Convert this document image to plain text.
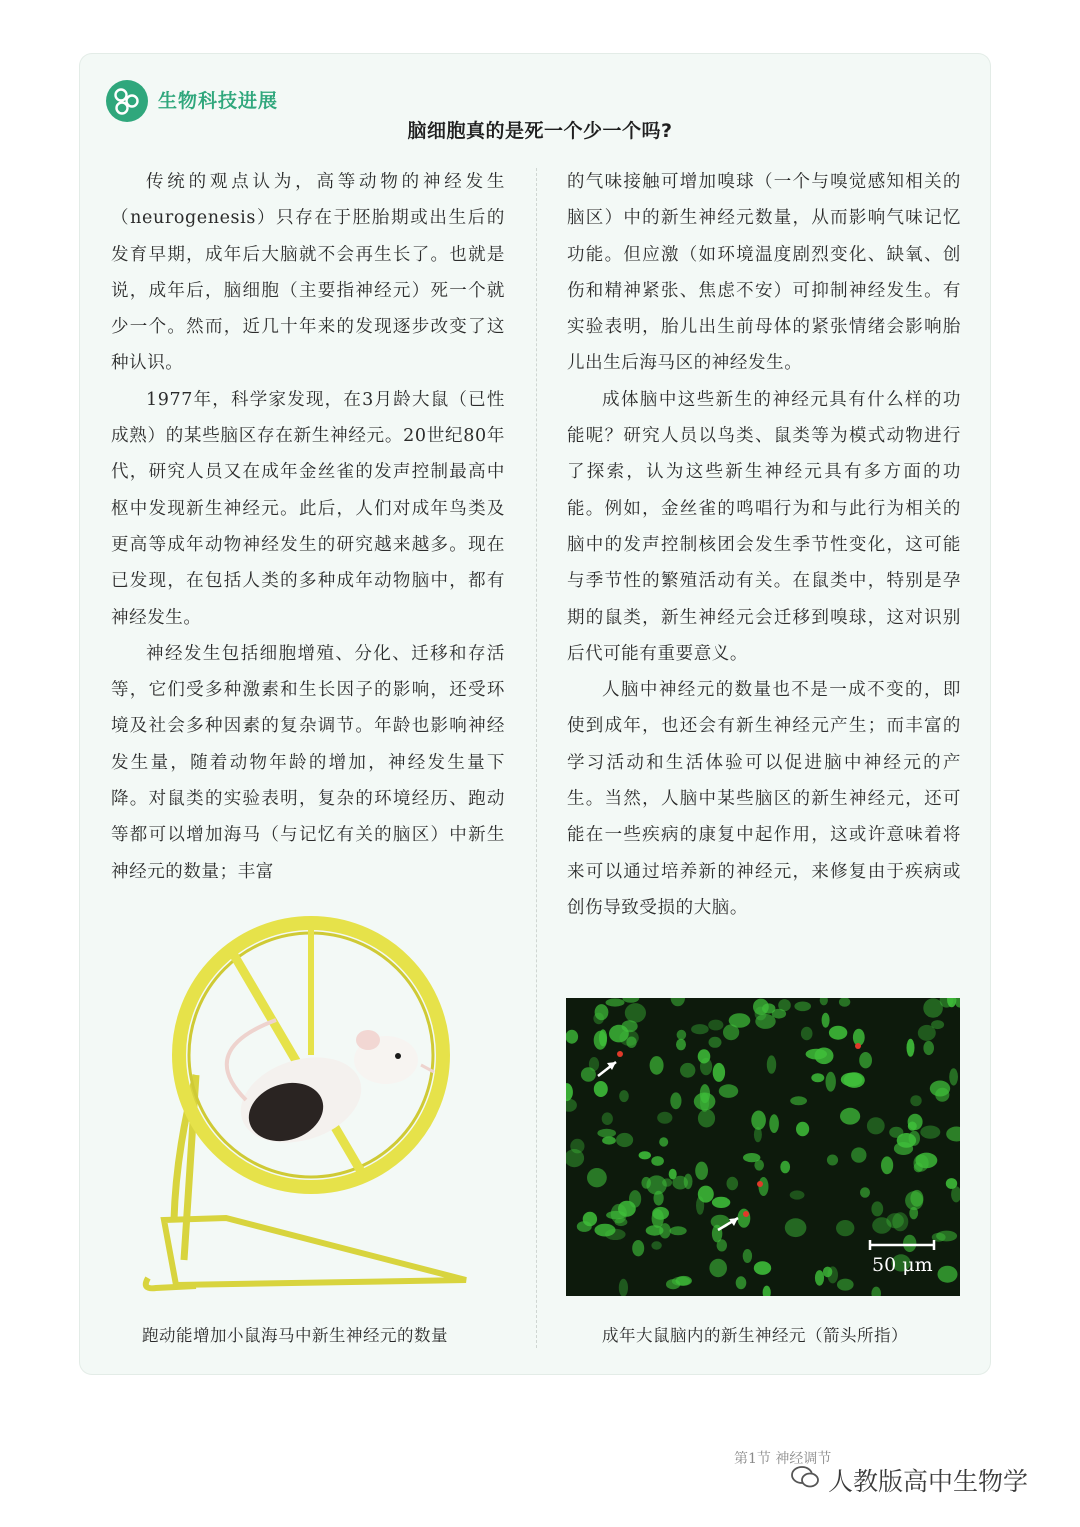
生物科技进展
脑细胞真的是死一个少一个吗?

传统的观点认为，高等动物的神经发生（neurogenesis）只存在于胚胎期或出生后的发育早期，成年后大脑就不会再生长了。也就是说，成年后，脑细胞（主要指神经元）死一个就少一个。然而，近几十年来的发现逐步改变了这种认识。

1977年，科学家发现，在3月龄大鼠（已性成熟）的某些脑区存在新生神经元。20世纪80年代，研究人员又在成年金丝雀的发声控制最高中枢中发现新生神经元。此后，人们对成年鸟类及更高等成年动物神经发生的研究越来越多。现在已发现，在包括人类的多种成年动物脑中，都有神经发生。

神经发生包括细胞增殖、分化、迁移和存活等，它们受多种激素和生长因子的影响，还受环境及社会多种因素的复杂调节。年龄也影响神经发生量，随着动物年龄的增加，神经发生量下降。对鼠类的实验表明，复杂的环境经历、跑动等都可以增加海马（与记忆有关的脑区）中新生神经元的数量；丰富

的气味接触可增加嗅球（一个与嗅觉感知相关的脑区）中的新生神经元数量，从而影响气味记忆功能。但应激（如环境温度剧烈变化、缺氧、创伤和精神紧张、焦虑不安）可抑制神经发生。有实验表明，胎儿出生前母体的紧张情绪会影响胎儿出生后海马区的神经发生。

成体脑中这些新生的神经元具有什么样的功能呢？研究人员以鸟类、鼠类等为模式动物进行了探索，认为这些新生神经元具有多方面的功能。例如，金丝雀的鸣唱行为和与此行为相关的脑中的发声控制核团会发生季节性变化，这可能与季节性的繁殖活动有关。在鼠类中，特别是孕期的鼠类，新生神经元会迁移到嗅球，这对识别后代可能有重要意义。

人脑中神经元的数量也不是一成不变的，即使到成年，也还会有新生神经元产生；而丰富的学习活动和生活体验可以促进脑中神经元的产生。当然，人脑中某些脑区的新生神经元，还可能在一些疾病的康复中起作用，这或许意味着将来可以通过培养新的神经元，来修复由于疾病或创伤导致受损的大脑。

50 μm
跑动能增加小鼠海马中新生神经元的数量	成年大鼠脑内的新生神经元（箭头所指）
第1节 神经调节
人教版高中生物学
